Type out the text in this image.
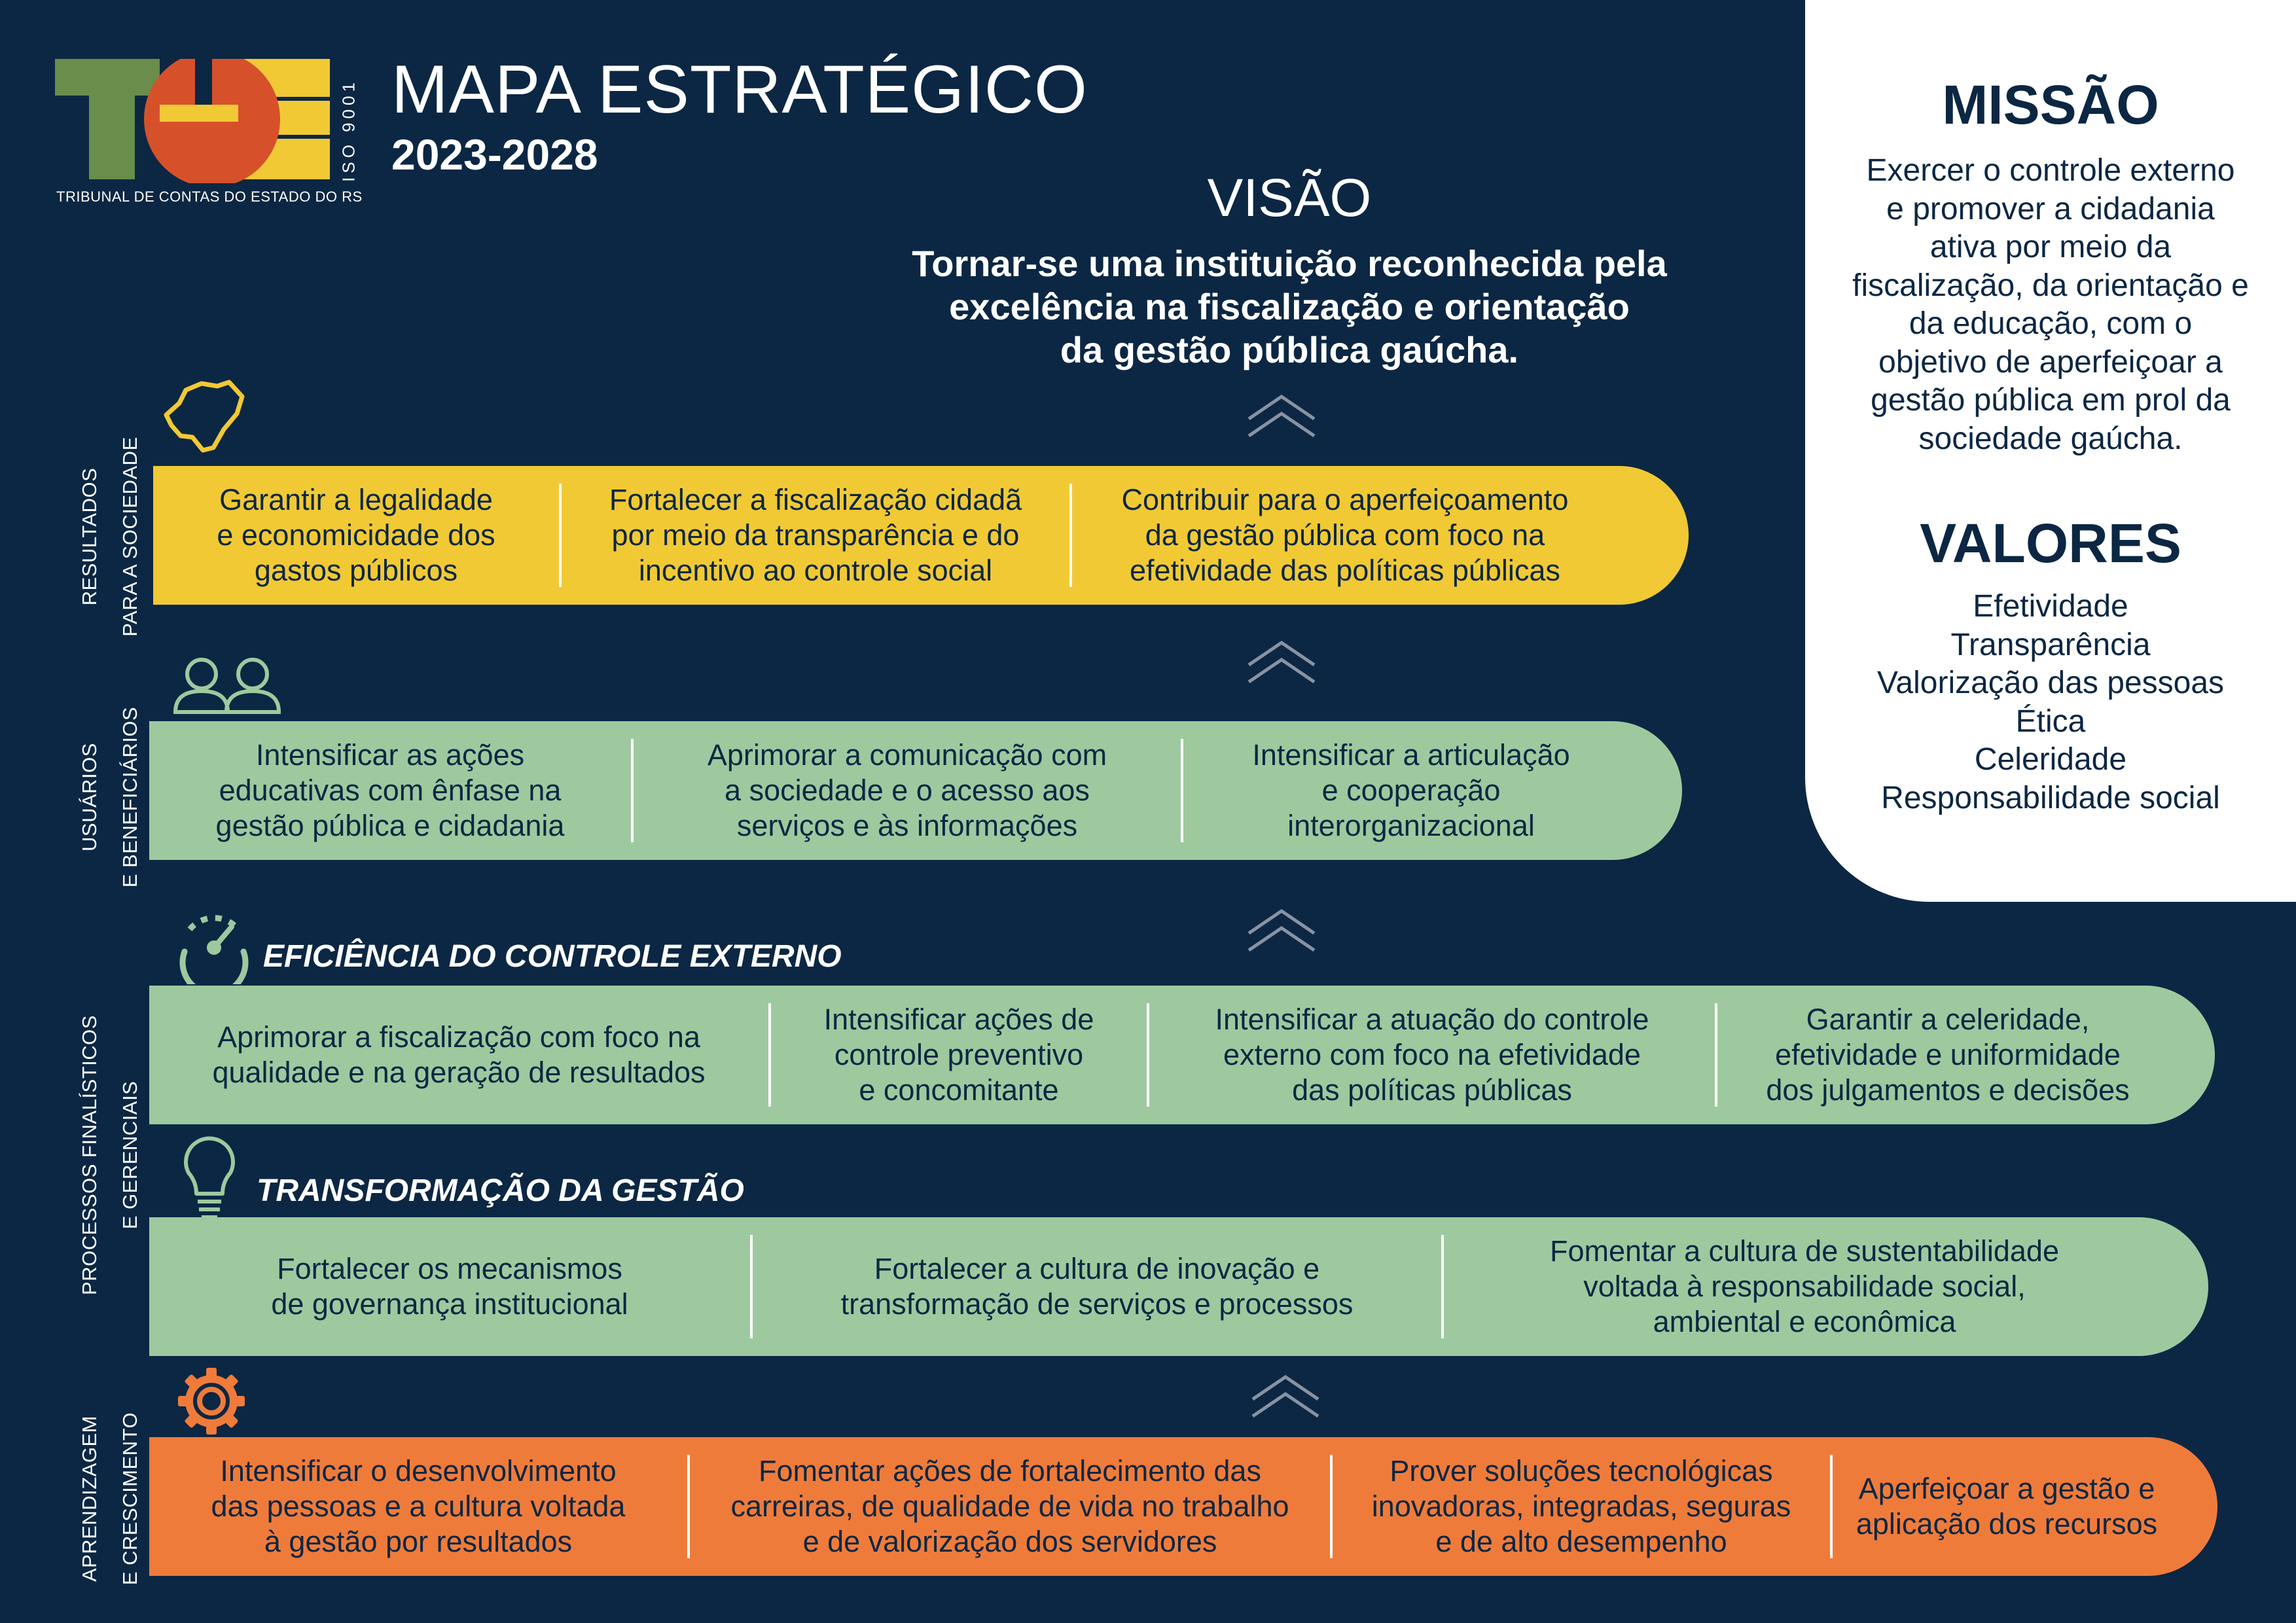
ISO 9001
TRIBUNAL DE CONTAS DO ESTADO DO RS
MAPA ESTRATÉGICO
2023-2028
VISÃO
Tornar-se uma instituição reconhecida pela
excelência na fiscalização e orientação
da gestão pública gaúcha.
MISSÃO
Exercer o controle externo
e promover a cidadania
ativa por meio da
fiscalização, da orientação e
da educação, com o
objetivo de aperfeiçoar a
gestão pública em prol da
sociedade gaúcha.
VALORES
Efetividade
Transparência
Valorização das pessoas
Ética
Celeridade
Responsabilidade social
RESULTADOS
PARA A SOCIEDADE
USUÁRIOS
E BENEFICIÁRIOS
PROCESSOS FINALÍSTICOS
E GERENCIAIS
APRENDIZAGEM
E CRESCIMENTO
EFICIÊNCIA DO CONTROLE EXTERNO
TRANSFORMAÇÃO DA GESTÃO
Garantir a legalidade
e economicidade dos
gastos públicos
Fortalecer a fiscalização cidadã
por meio da transparência e do
incentivo ao controle social
Contribuir para o aperfeiçoamento
da gestão pública com foco na
efetividade das políticas públicas
Intensificar as ações
educativas com ênfase na
gestão pública e cidadania
Aprimorar a comunicação com
a sociedade e o acesso aos
serviços e às informações
Intensificar a articulação
e cooperação
interorganizacional
Aprimorar a fiscalização com foco na
qualidade e na geração de resultados
Intensificar ações de
controle preventivo
e concomitante
Intensificar a atuação do controle
externo com foco na efetividade
das políticas públicas
Garantir a celeridade,
efetividade e uniformidade
dos julgamentos e decisões
Fortalecer os mecanismos
de governança institucional
Fortalecer a cultura de inovação e
transformação de serviços e processos
Fomentar a cultura de sustentabilidade
voltada à responsabilidade social,
ambiental e econômica
Intensificar o desenvolvimento
das pessoas e a cultura voltada
à gestão por resultados
Fomentar ações de fortalecimento das
carreiras, de qualidade de vida no trabalho
e de valorização dos servidores
Prover soluções tecnológicas
inovadoras, integradas, seguras
e de alto desempenho
Aperfeiçoar a gestão e
aplicação dos recursos
